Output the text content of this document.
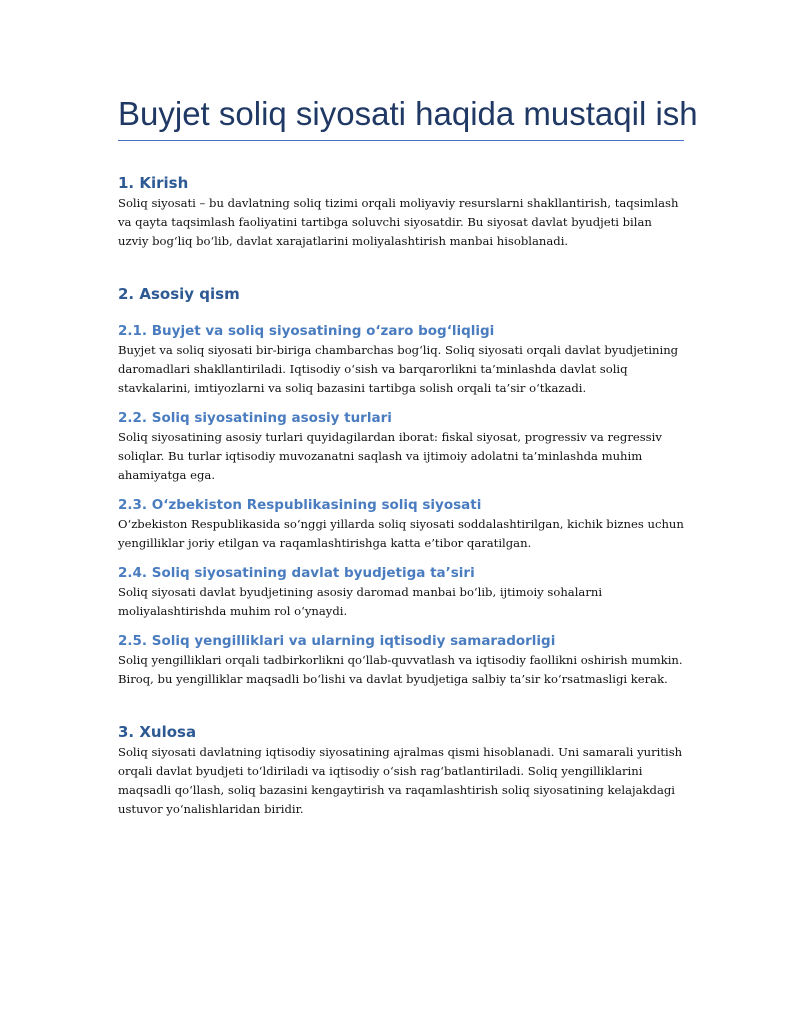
Buyjet soliq siyosati haqida mustaqil ish
1. Kirish

Soliq siyosati – bu davlatning soliq tizimi orqali moliyaviy resurslarni shakllantirish, taqsimlash va qayta taqsimlash faoliyatini tartibga soluvchi siyosatdir. Bu siyosat davlat byudjeti bilan uzviy bog‘liq bo‘lib, davlat xarajatlarini moliyalashtirish manbai hisoblanadi.

2. Asosiy qism
2.1. Buyjet va soliq siyosatining o‘zaro bog‘liqligi

Buyjet va soliq siyosati bir-biriga chambarchas bog‘liq. Soliq siyosati orqali davlat byudjetining daromadlari shakllantiriladi. Iqtisodiy o‘sish va barqarorlikni ta’minlashda davlat soliq stavkalarini, imtiyozlarni va soliq bazasini tartibga solish orqali ta’sir o‘tkazadi.

2.2. Soliq siyosatining asosiy turlari

Soliq siyosatining asosiy turlari quyidagilardan iborat: fiskal siyosat, progressiv va regressiv soliqlar. Bu turlar iqtisodiy muvozanatni saqlash va ijtimoiy adolatni ta’minlashda muhim ahamiyatga ega.

2.3. O‘zbekiston Respublikasining soliq siyosati

O‘zbekiston Respublikasida so‘nggi yillarda soliq siyosati soddalashtirilgan, kichik biznes uchun yengilliklar joriy etilgan va raqamlashtirishga katta e’tibor qaratilgan.

2.4. Soliq siyosatining davlat byudjetiga ta’siri

Soliq siyosati davlat byudjetining asosiy daromad manbai bo‘lib, ijtimoiy sohalarni moliyalashtirishda muhim rol o‘ynaydi.

2.5. Soliq yengilliklari va ularning iqtisodiy samaradorligi

Soliq yengilliklari orqali tadbirkorlikni qo‘llab-quvvatlash va iqtisodiy faollikni oshirish mumkin. Biroq, bu yengilliklar maqsadli bo‘lishi va davlat byudjetiga salbiy ta’sir ko‘rsatmasligi kerak.

3. Xulosa

Soliq siyosati davlatning iqtisodiy siyosatining ajralmas qismi hisoblanadi. Uni samarali yuritish orqali davlat byudjeti to‘ldiriladi va iqtisodiy o‘sish rag‘batlantiriladi. Soliq yengilliklarini maqsadli qo‘llash, soliq bazasini kengaytirish va raqamlashtirish soliq siyosatining kelajakdagi ustuvor yo‘nalishlaridan biridir.
